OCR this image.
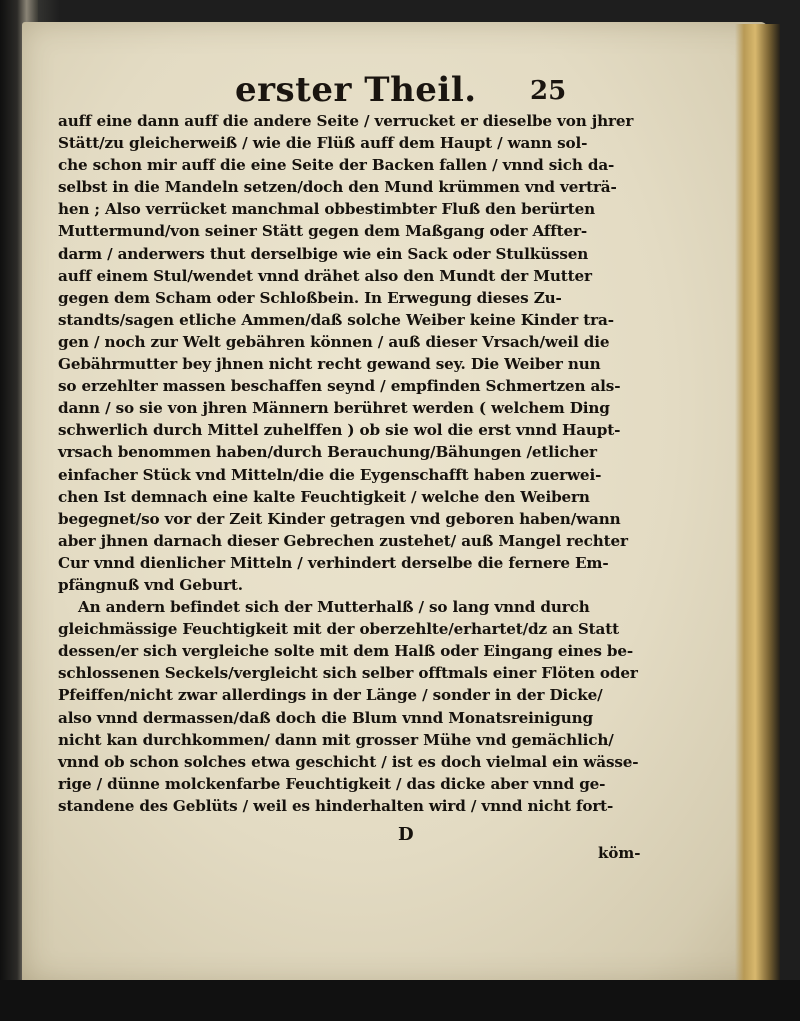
erster Theil. 25
auff eine dann auff die andere Seite / verrucket er dieselbe von jhrer
Stätt/zu gleicherweiß / wie die Flüß auff dem Haupt / wann sol-
che schon mir auff die eine Seite der Backen fallen / vnnd sich da-
selbst in die Mandeln setzen/doch den Mund krümmen vnd verträ-
hen ; Also verrücket manchmal obbestimbter Fluß den berürten
Muttermund/von seiner Stätt gegen dem Maßgang oder Affter-
darm / anderwers thut derselbige wie ein Sack oder Stulküssen
auff einem Stul/wendet vnnd drähet also den Mundt der Mutter
gegen dem Scham oder Schloßbein. In Erwegung dieses Zu-
standts/sagen etliche Ammen/daß solche Weiber keine Kinder tra-
gen / noch zur Welt gebähren können / auß dieser Vrsach/weil die
Gebährmutter bey jhnen nicht recht gewand sey. Die Weiber nun
so erzehlter massen beschaffen seynd / empfinden Schmertzen als-
dann / so sie von jhren Männern berühret werden ( welchem Ding
schwerlich durch Mittel zuhelffen ) ob sie wol die erst vnnd Haupt-
vrsach benommen haben/durch Berauchung/Bähungen /etlicher
einfacher Stück vnd Mitteln/die die Eygenschafft haben zuerwei-
chen Ist demnach eine kalte Feuchtigkeit / welche den Weibern
begegnet/so vor der Zeit Kinder getragen vnd geboren haben/wann
aber jhnen darnach dieser Gebrechen zustehet/ auß Mangel rechter
Cur vnnd dienlicher Mitteln / verhindert derselbe die fernere Em-
pfängnuß vnd Geburt.
An andern befindet sich der Mutterhalß / so lang vnnd durch
gleichmässige Feuchtigkeit mit der oberzehlte/erhartet/dz an Statt
dessen/er sich vergleiche solte mit dem Halß oder Eingang eines be-
schlossenen Seckels/vergleicht sich selber offtmals einer Flöten oder
Pfeiffen/nicht zwar allerdings in der Länge / sonder in der Dicke/
also vnnd dermassen/daß doch die Blum vnnd Monatsreinigung
nicht kan durchkommen/ dann mit grosser Mühe vnd gemächlich/
vnnd ob schon solches etwa geschicht / ist es doch vielmal ein wässe-
rige / dünne molckenfarbe Feuchtigkeit / das dicke aber vnnd ge-
standene des Geblüts / weil es hinderhalten wird / vnnd nicht fort-
D
köm-
